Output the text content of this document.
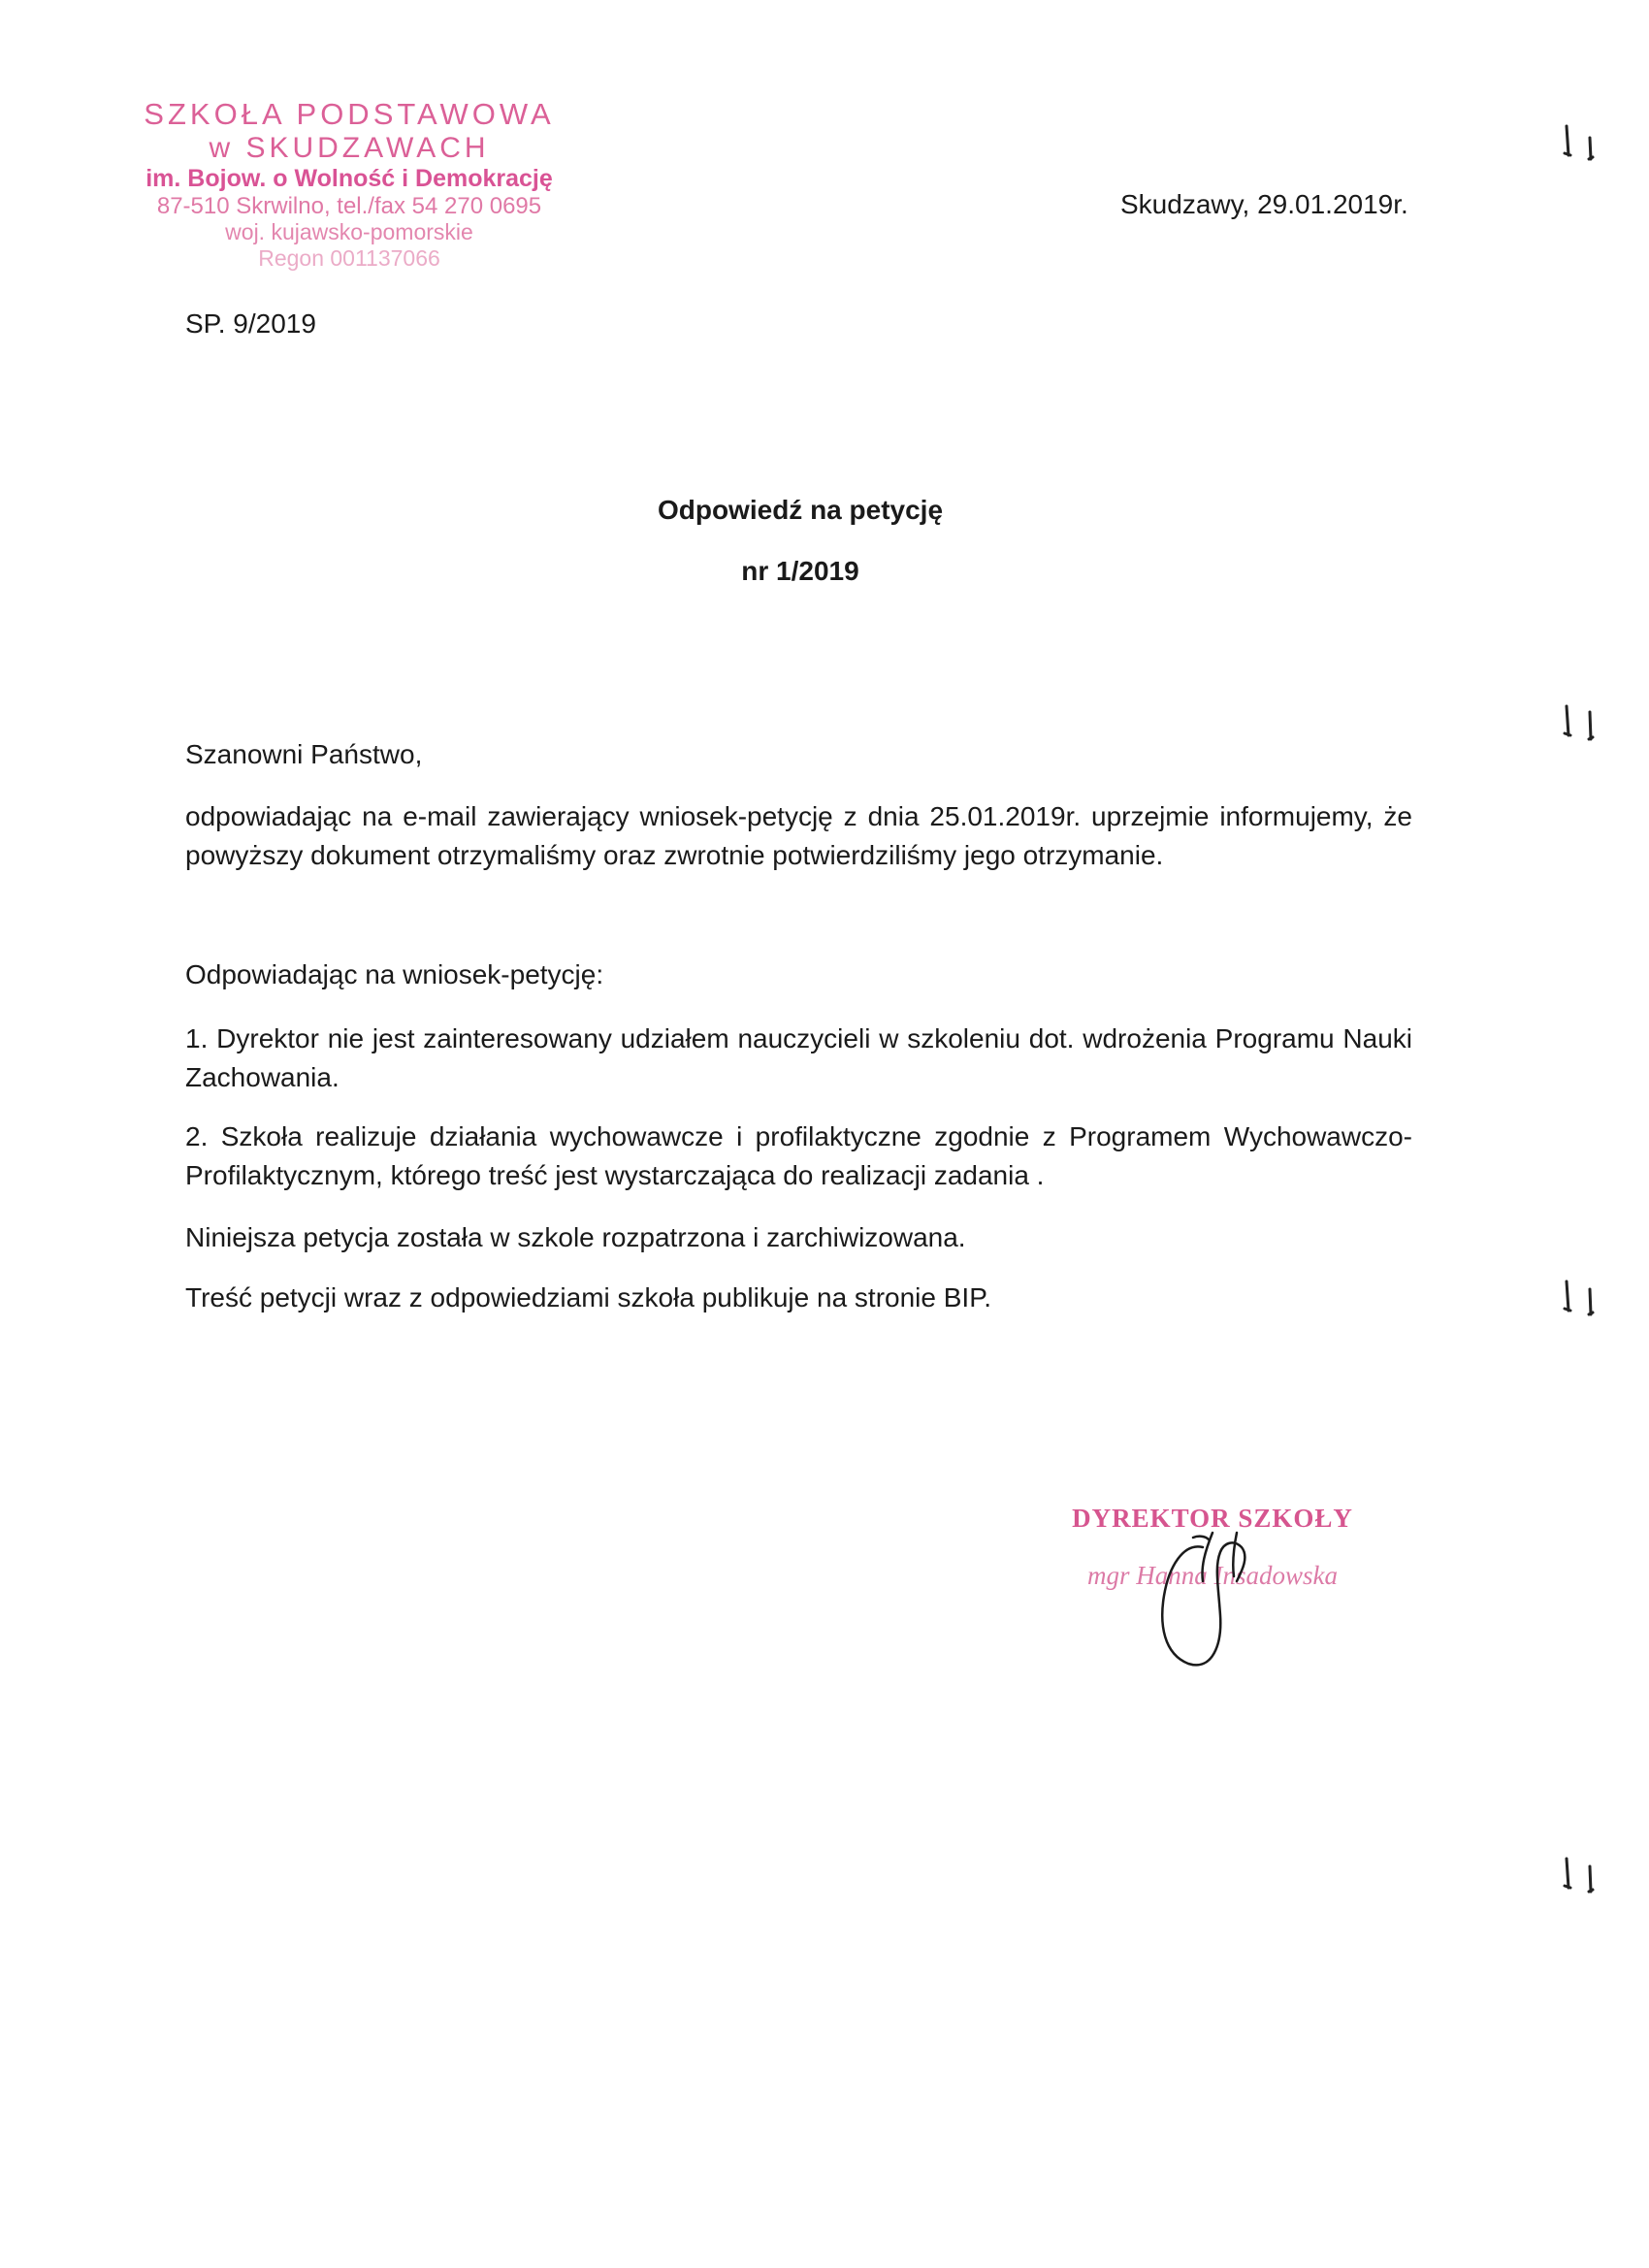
SZKOŁA PODSTAWOWA
w SKUDZAWACH
im. Bojow. o Wolność i Demokrację
87-510 Skrwilno, tel./fax 54 270 0695
woj. kujawsko-pomorskie
Regon 001137066
Skudzawy, 29.01.2019r.
SP. 9/2019
Odpowiedź na petycję
nr 1/2019
Szanowni Państwo,
odpowiadając na e-mail zawierający wniosek-petycję z dnia 25.01.2019r. uprzejmie informujemy, że powyższy dokument otrzymaliśmy oraz zwrotnie potwierdziliśmy jego otrzymanie.
Odpowiadając na wniosek-petycję:
1. Dyrektor nie jest zainteresowany udziałem nauczycieli w szkoleniu dot. wdrożenia Programu Nauki Zachowania.
2. Szkoła realizuje działania wychowawcze i profilaktyczne zgodnie z Programem Wychowawczo-Profilaktycznym, którego treść jest wystarczająca do realizacji zadania .
Niniejsza petycja została w szkole rozpatrzona i zarchiwizowana.
Treść petycji wraz z odpowiedziami szkoła publikuje na stronie BIP.
DYREKTOR SZKOŁY
mgr Hanna Insadowska
